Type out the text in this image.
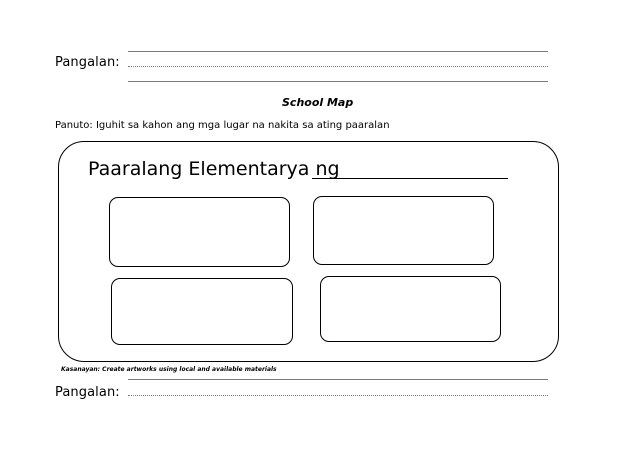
Pangalan:
School Map
Panuto: Iguhit sa kahon ang mga lugar na nakita sa ating paaralan
Paaralang Elementarya ng
Kasanayan: Create artworks using local and available materials
Pangalan:
